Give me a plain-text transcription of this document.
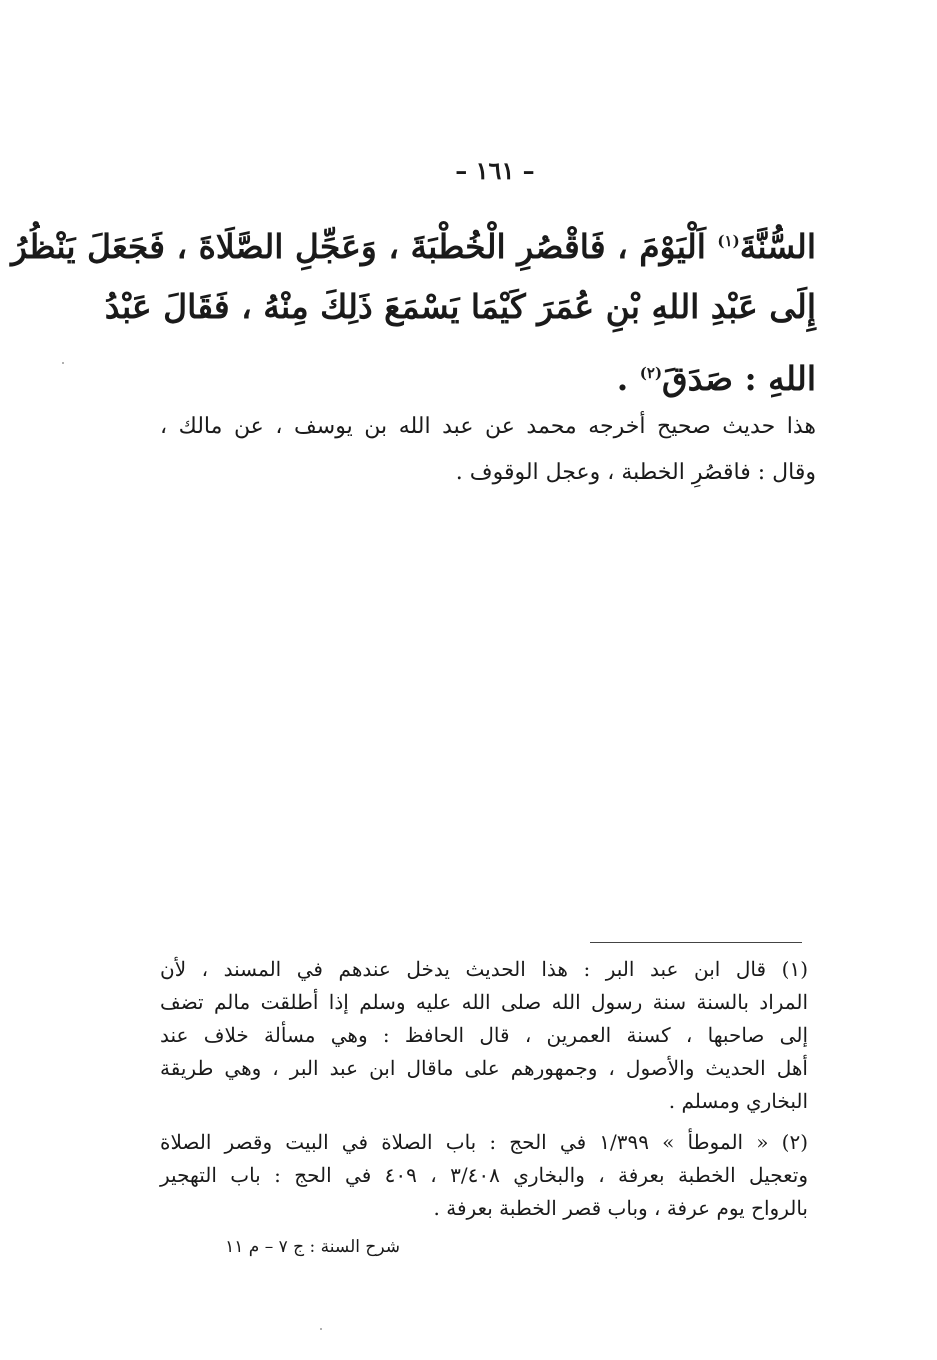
– ١٦١ –
السُّنَّةَ$^{(١)}$ اَلْيَوْمَ ، فَاقْصُرِ الْخُطْبَةَ ، وَعَجِّلِ الصَّلَاةَ ، فَجَعَلَ يَنْظُرُ
إِلَى عَبْدِ اللهِ بْنِ عُمَرَ كَيْمَا يَسْمَعَ ذَلِكَ مِنْهُ ، فَقَالَ عَبْدُ
اللهِ : صَدَقَ$^{(٢)}$ .
هذا حديث صحيح أخرجه محمد عن عبد الله بن يوسف ، عن مالك ،
وقال : فاقصُرِ الخطبة ، وعجل الوقوف .
(١) قال ابن عبد البر : هذا الحديث يدخل عندهم في المسند ، لأن
المراد بالسنة سنة رسول الله صلى الله عليه وسلم إذا أطلقت مالم تضف
إلى صاحبها ، كسنة العمرين ، قال الحافظ : وهي مسألة خلاف عند
أهل الحديث والأصول ، وجمهورهم على ماقال ابن عبد البر ، وهي طريقة
البخاري ومسلم .
(٢) « الموطأ » ١/٣٩٩ في الحج : باب الصلاة في البيت وقصر الصلاة
وتعجيل الخطبة بعرفة ، والبخاري ٣/٤٠٨ ، ٤٠٩ في الحج : باب التهجير
بالرواح يوم عرفة ، وباب قصر الخطبة بعرفة .
شرح السنة : ج ٧ – م ١١
